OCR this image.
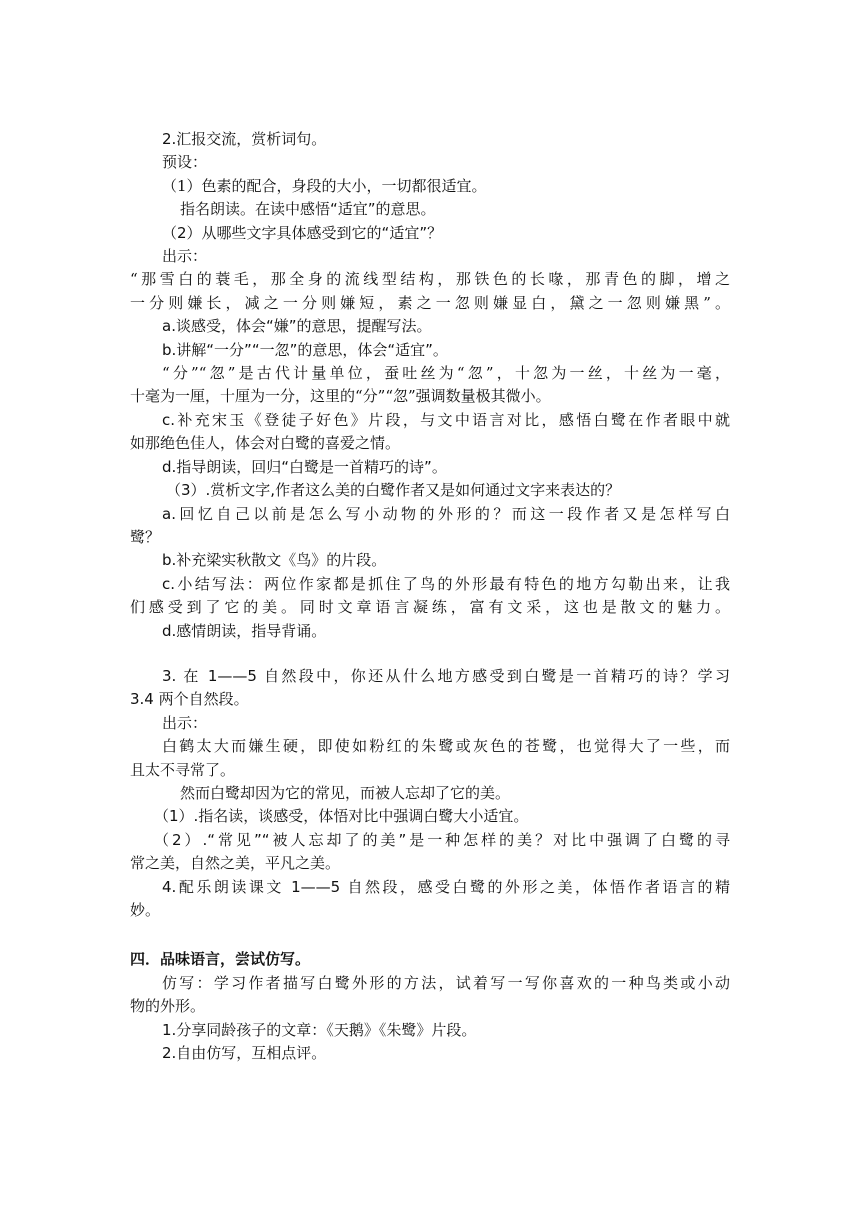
2.汇报交流，赏析词句。
预设：
（1）色素的配合，身段的大小，一切都很适宜。
指名朗读。在读中感悟“适宜”的意思。
（2）从哪些文字具体感受到它的“适宜”？
出示：
“那雪白的蓑毛，那全身的流线型结构，那铁色的长喙，那青色的脚，增之
一分则嫌长，减之一分则嫌短，素之一忽则嫌显白，黛之一忽则嫌黑”。
a.谈感受，体会“嫌”的意思，提醒写法。
b.讲解“一分”“一忽”的意思，体会“适宜”。
“分”“忽”是古代计量单位，蚕吐丝为“忽”，十忽为一丝，十丝为一毫，
十毫为一厘，十厘为一分，这里的“分”“忽”强调数量极其微小。
c.补充宋玉《登徒子好色》片段，与文中语言对比，感悟白鹭在作者眼中就
如那绝色佳人，体会对白鹭的喜爱之情。
d.指导朗读，回归“白鹭是一首精巧的诗”。
（3）.赏析文字,作者这么美的白鹭作者又是如何通过文字来表达的？
a.回忆自己以前是怎么写小动物的外形的？而这一段作者又是怎样写白
鹭？
b.补充梁实秋散文《鸟》的片段。
c.小结写法：两位作家都是抓住了鸟的外形最有特色的地方勾勒出来，让我
们感受到了它的美。同时文章语言凝练，富有文采，这也是散文的魅力。
d.感情朗读，指导背诵。
3. 在 1——5 自然段中，你还从什么地方感受到白鹭是一首精巧的诗？学习
3.4 两个自然段。
出示：
白鹤太大而嫌生硬，即使如粉红的朱鹭或灰色的苍鹭，也觉得大了一些，而
且太不寻常了。
然而白鹭却因为它的常见，而被人忘却了它的美。
（1）.指名读，谈感受，体悟对比中强调白鹭大小适宜。
（2）.“常见”“被人忘却了的美”是一种怎样的美？对比中强调了白鹭的寻
常之美，自然之美，平凡之美。
4.配乐朗读课文 1——5 自然段，感受白鹭的外形之美，体悟作者语言的精
妙。
四．品味语言，尝试仿写。
仿写：学习作者描写白鹭外形的方法，试着写一写你喜欢的一种鸟类或小动
物的外形。
1.分享同龄孩子的文章：《天鹅》《朱鹭》片段。
2.自由仿写，互相点评。
